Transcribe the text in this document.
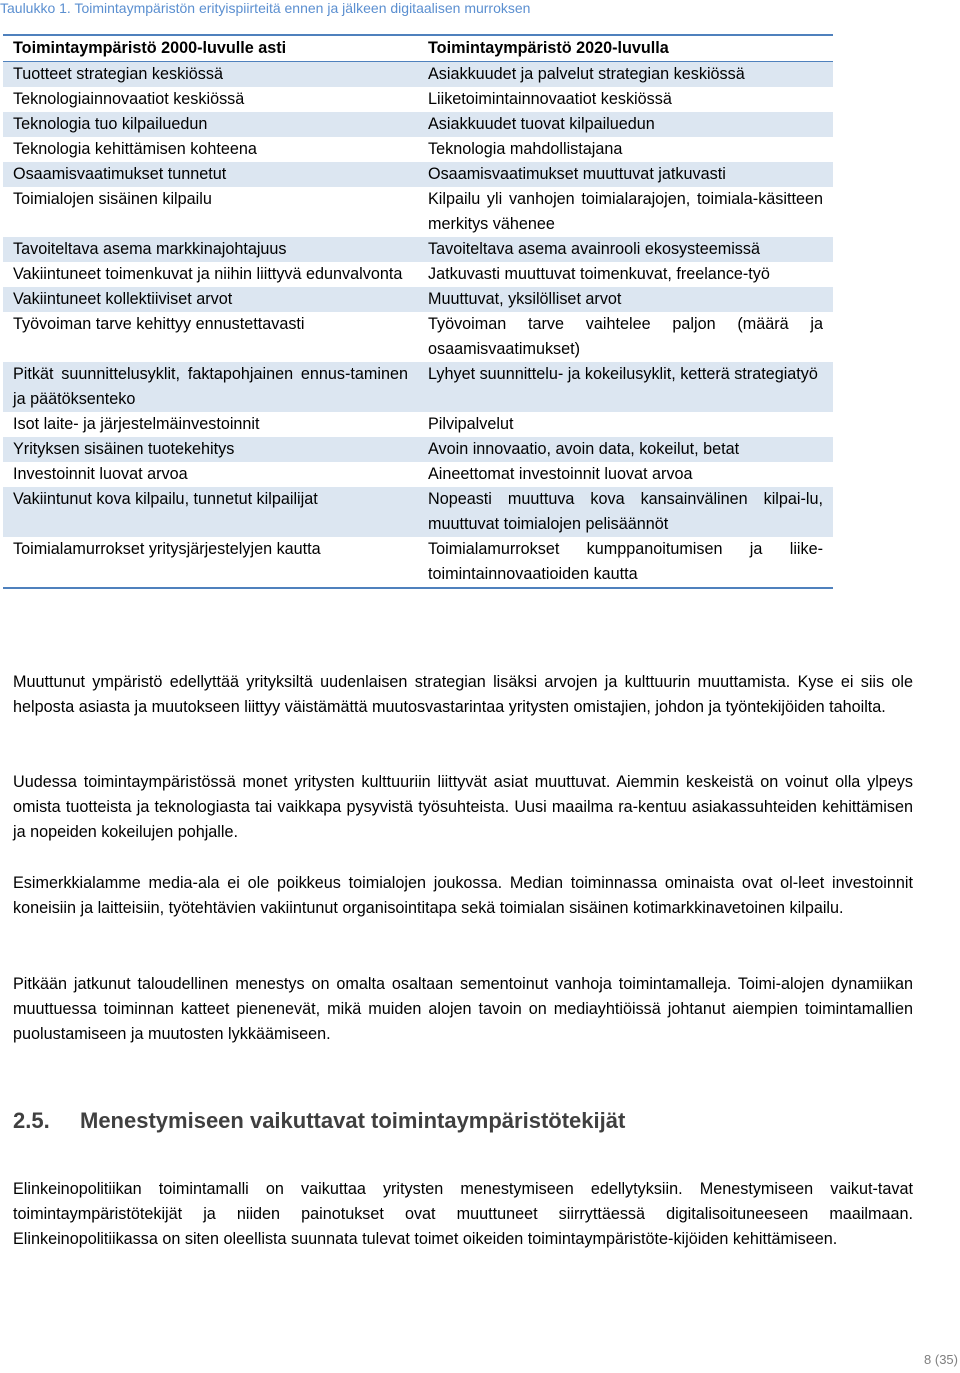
Taulukko 1. Toimintaympäristön erityispiirteitä ennen ja jälkeen digitaalisen murroksen
Toimintaympäristö 2000-luvulle asti	Toimintaympäristö 2020-luvulla
Tuotteet strategian keskiössä	Asiakkuudet ja palvelut strategian keskiössä
Teknologiainnovaatiot keskiössä	Liiketoimintainnovaatiot keskiössä
Teknologia tuo kilpailuedun	Asiakkuudet tuovat kilpailuedun
Teknologia kehittämisen kohteena	Teknologia mahdollistajana
Osaamisvaatimukset tunnetut	Osaamisvaatimukset muuttuvat jatkuvasti
Toimialojen sisäinen kilpailu	Kilpailu yli vanhojen toimialarajojen, toimiala-käsitteen merkitys vähenee
Tavoiteltava asema markkinajohtajuus	Tavoiteltava asema avainrooli ekosysteemissä
Vakiintuneet toimenkuvat ja niihin liittyvä edunvalvonta	Jatkuvasti muuttuvat toimenkuvat, freelance-työ
Vakiintuneet kollektiiviset arvot	Muuttuvat, yksilölliset arvot
Työvoiman tarve kehittyy ennustettavasti	Työvoiman tarve vaihtelee paljon (määrä ja osaamisvaatimukset)
Pitkät suunnittelusyklit, faktapohjainen ennus-taminen ja päätöksenteko	Lyhyet suunnittelu- ja kokeilusyklit, ketterä strategiatyö
Isot laite- ja järjestelmäinvestoinnit	Pilvipalvelut
Yrityksen sisäinen tuotekehitys	Avoin innovaatio, avoin data, kokeilut, betat
Investoinnit luovat arvoa	Aineettomat investoinnit luovat arvoa
Vakiintunut kova kilpailu, tunnetut kilpailijat	Nopeasti muuttuva kova kansainvälinen kilpai-lu, muuttuvat toimialojen pelisäännöt
Toimialamurrokset yritysjärjestelyjen kautta	Toimialamurrokset kumppanoitumisen ja liike-toimintainnovaatioiden kautta

Muuttunut ympäristö edellyttää yrityksiltä uudenlaisen strategian lisäksi arvojen ja kulttuurin muuttamista. Kyse ei siis ole helposta asiasta ja muutokseen liittyy väistämättä muutosvastarintaa yritysten omistajien, johdon ja työntekijöiden tahoilta.

Uudessa toimintaympäristössä monet yritysten kulttuuriin liittyvät asiat muuttuvat. Aiemmin keskeistä on voinut olla ylpeys omista tuotteista ja teknologiasta tai vaikkapa pysyvistä työsuhteista. Uusi maailma ra-kentuu asiakassuhteiden kehittämisen ja nopeiden kokeilujen pohjalle.

Esimerkkialamme media-ala ei ole poikkeus toimialojen joukossa. Median toiminnassa ominaista ovat ol-leet investoinnit koneisiin ja laitteisiin, työtehtävien vakiintunut organisointitapa sekä toimialan sisäinen kotimarkkinavetoinen kilpailu.

Pitkään jatkunut taloudellinen menestys on omalta osaltaan sementoinut vanhoja toimintamalleja. Toimi-alojen dynamiikan muuttuessa toiminnan katteet pienenevät, mikä muiden alojen tavoin on mediayhtiöissä johtanut aiempien toimintamallien puolustamiseen ja muutosten lykkäämiseen.

2.5. Menestymiseen vaikuttavat toimintaympäristötekijät

Elinkeinopolitiikan toimintamalli on vaikuttaa yritysten menestymiseen edellytyksiin. Menestymiseen vaikut-tavat toimintaympäristötekijät ja niiden painotukset ovat muuttuneet siirryttäessä digitalisoituneeseen maailmaan. Elinkeinopolitiikassa on siten oleellista suunnata tulevat toimet oikeiden toimintaympäristöte-kijöiden kehittämiseen.

8 (35)
